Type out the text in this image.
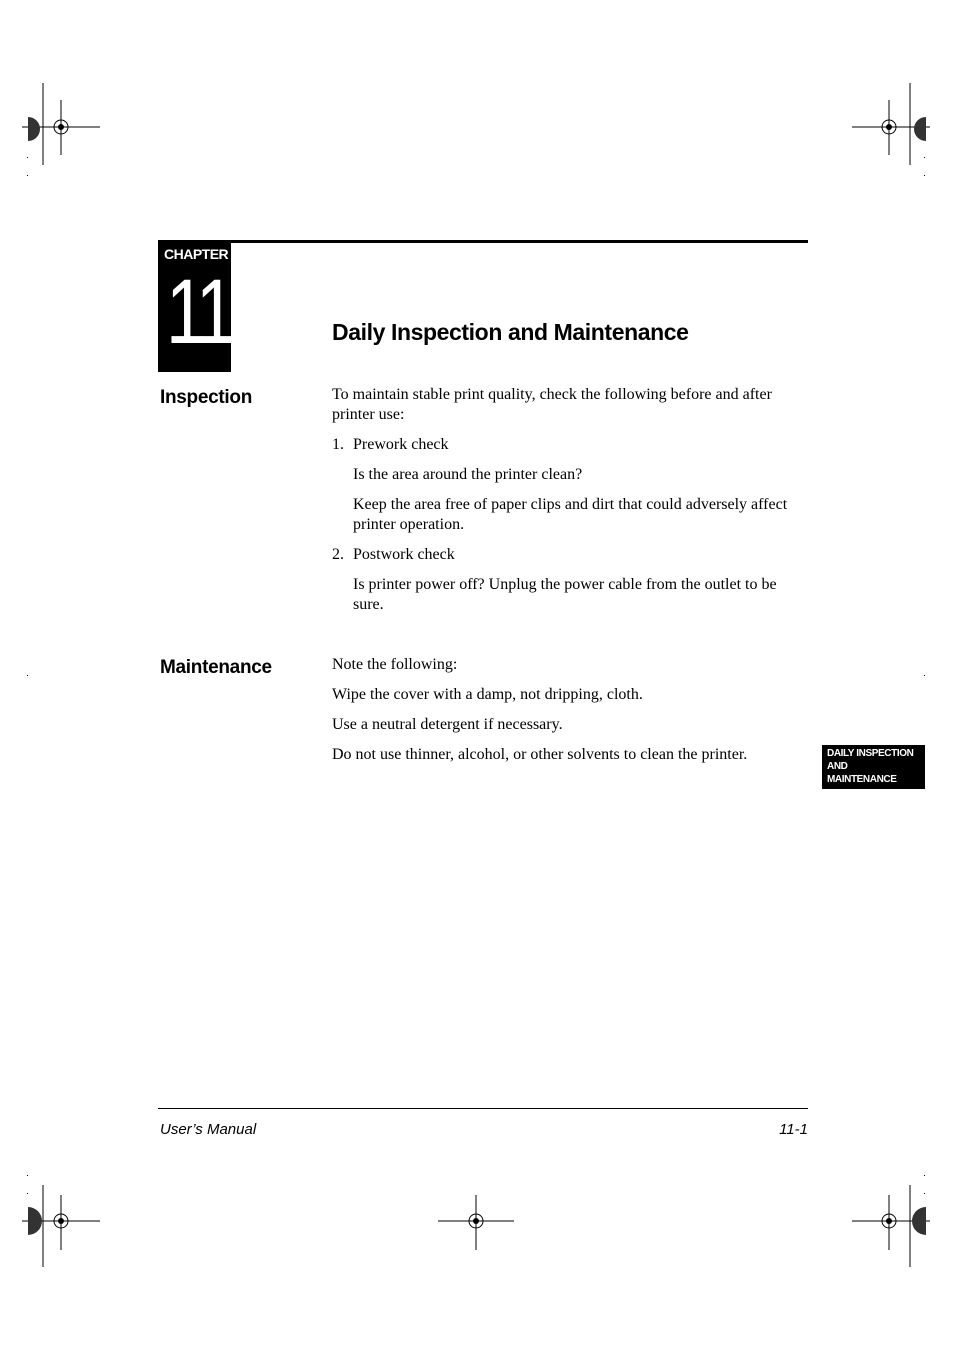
CHAPTER
11	Daily Inspection and Maintenance
Inspection	To maintain stable print quality, check the following before and after printer use:
1. Prework check
Is the area around the printer clean?
Keep the area free of paper clips and dirt that could adversely affect printer operation.
2. Postwork check
Is printer power off? Unplug the power cable from the outlet to be sure.
Maintenance	Note the following:
Wipe the cover with a damp, not dripping, cloth.
Use a neutral detergent if necessary.
Do not use thinner, alcohol, or other solvents to clean the printer.	DAILY INSPECTION
AND
MAINTENANCE
User’s Manual	11-1
